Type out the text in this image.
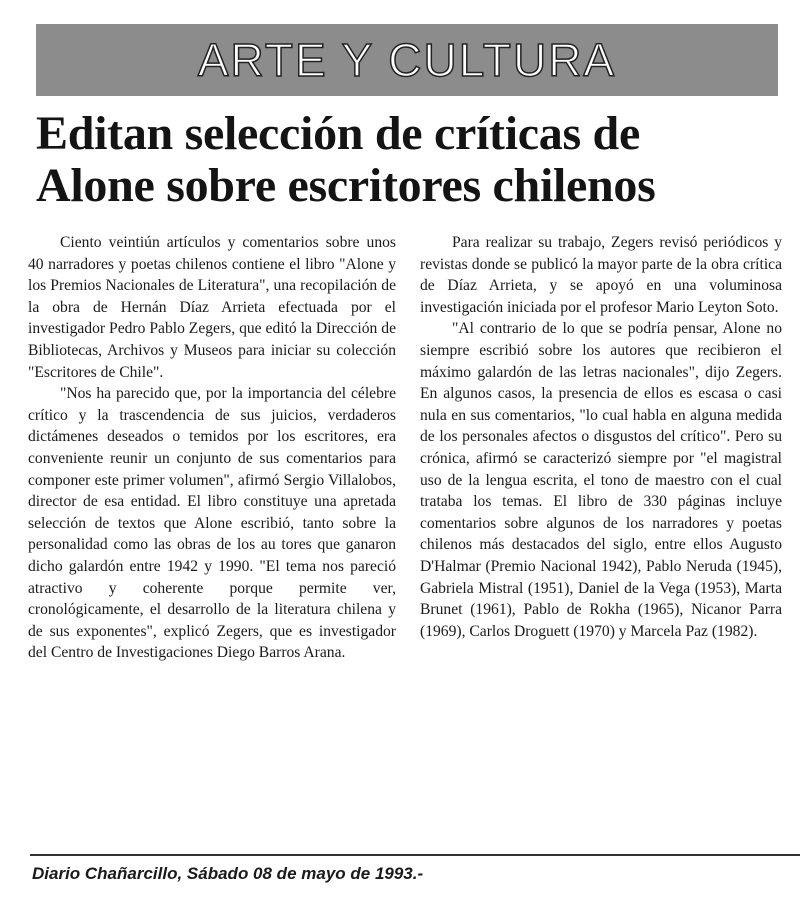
ARTE Y CULTURA
Editan selección de críticas de
Alone sobre escritores chilenos

Ciento veintiún artículos y comentarios sobre unos 40 narradores y poetas chilenos contiene el libro "Alone y los Premios Nacionales de Literatura", una recopilación de la obra de Hernán Díaz Arrieta efectuada por el investigador Pedro Pablo Zegers, que editó la Dirección de Bibliotecas, Archivos y Museos para iniciar su colección "Escritores de Chile".

"Nos ha parecido que, por la importancia del célebre crítico y la trascendencia de sus juicios, verdaderos dictámenes deseados o temidos por los escritores, era conveniente reunir un conjunto de sus comentarios para componer este primer volumen", afirmó Sergio Villalobos, director de esa entidad. El libro constituye una apretada selección de textos que Alone escribió, tanto sobre la personalidad como las obras de los au tores que ganaron dicho galardón entre 1942 y 1990. "El tema nos pareció atractivo y coherente porque permite ver, cronológicamente, el desarrollo de la literatura chilena y de sus exponentes", explicó Zegers, que es investigador del Centro de Investigaciones Diego Barros Arana.

Para realizar su trabajo, Zegers revisó periódicos y revistas donde se publicó la mayor parte de la obra crítica de Díaz Arrieta, y se apoyó en una voluminosa investigación iniciada por el profesor Mario Leyton Soto.

"Al contrario de lo que se podría pensar, Alone no siempre escribió sobre los autores que recibieron el máximo galardón de las letras nacionales", dijo Zegers. En algunos casos, la presencia de ellos es escasa o casi nula en sus comentarios, "lo cual habla en alguna medida de los personales afectos o disgustos del crítico". Pero su crónica, afirmó se caracterizó siempre por "el magistral uso de la lengua escrita, el tono de maestro con el cual trataba los temas. El libro de 330 páginas incluye comentarios sobre algunos de los narradores y poetas chilenos más destacados del siglo, entre ellos Augusto D'Halmar (Premio Nacional 1942), Pablo Neruda (1945), Gabriela Mistral (1951), Daniel de la Vega (1953), Marta Brunet (1961), Pablo de Rokha (1965), Nicanor Parra (1969), Carlos Droguett (1970) y Marcela Paz (1982).

Diario Chañarcillo, Sábado 08 de mayo de 1993.-
